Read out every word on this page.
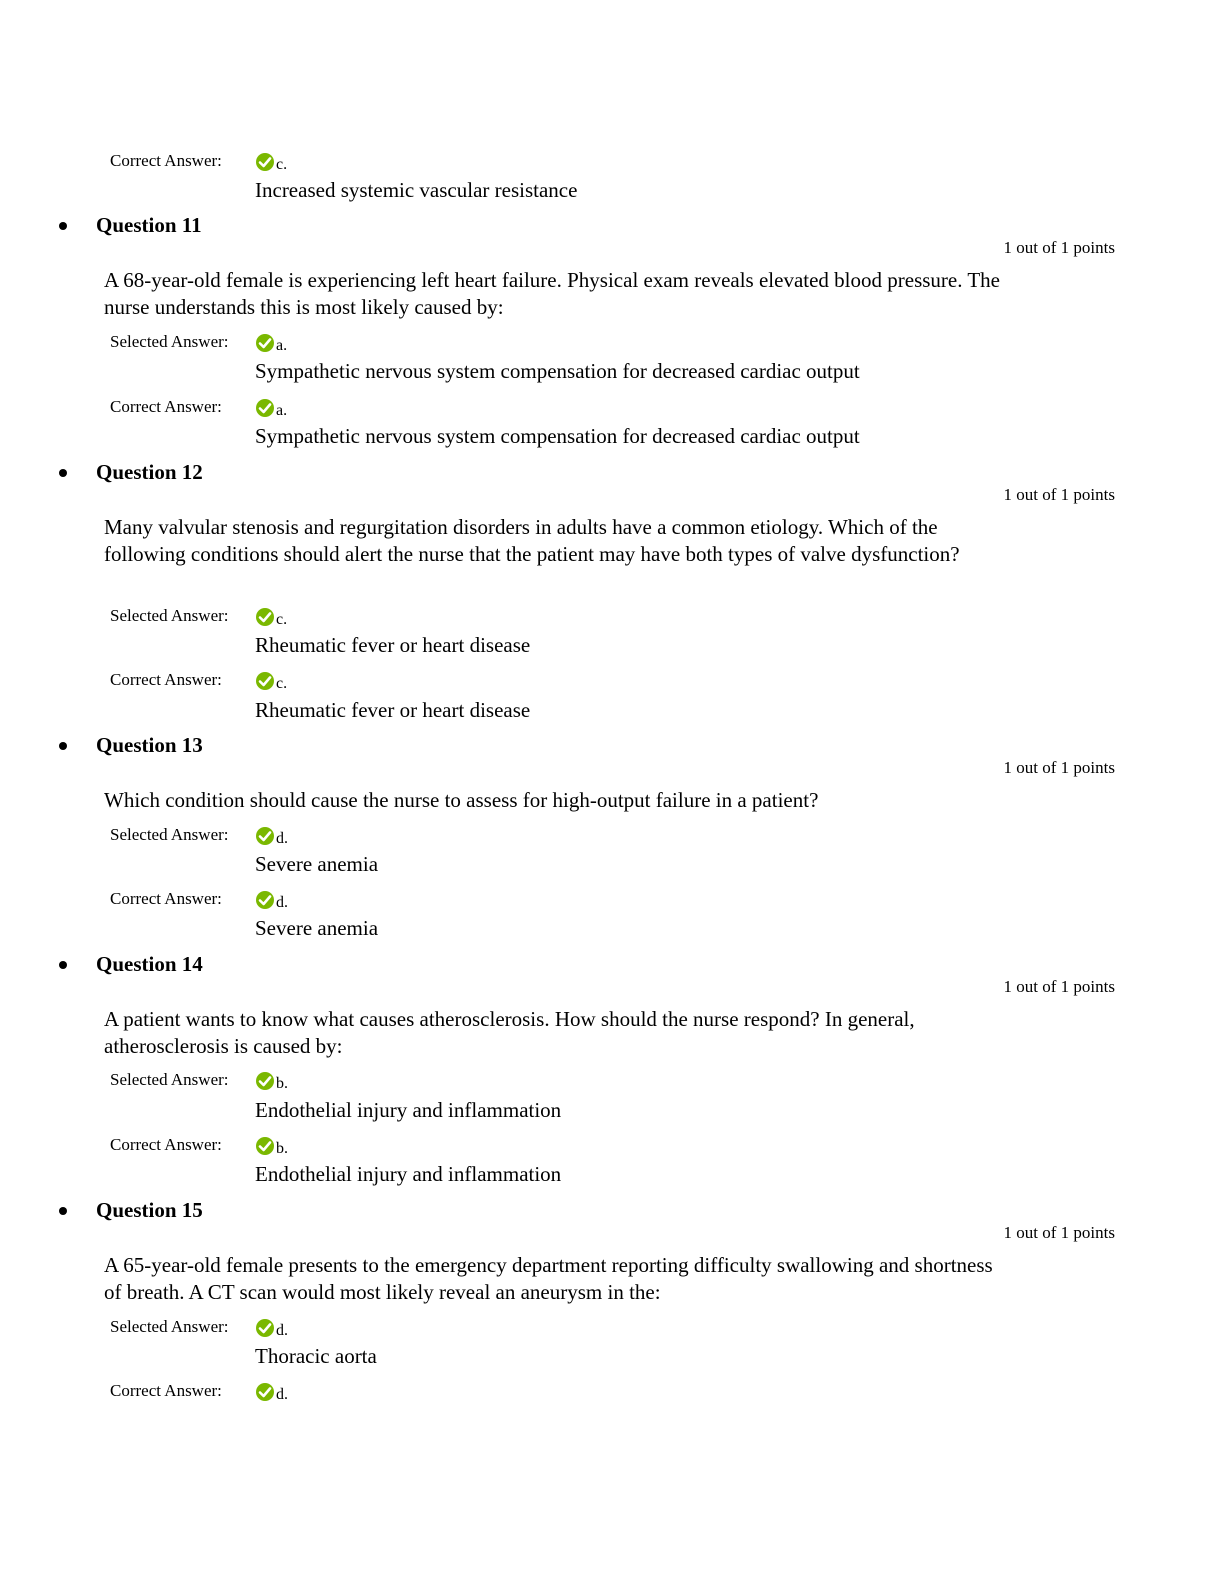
Correct Answer:	c.
Increased systemic vascular resistance
Question 11
1 out of 1 points
A 68-year-old female is experiencing left heart failure. Physical exam reveals elevated blood pressure. The nurse understands this is most likely caused by:
Selected Answer:	a.
Sympathetic nervous system compensation for decreased cardiac output
Correct Answer:	a.
Sympathetic nervous system compensation for decreased cardiac output
Question 12
1 out of 1 points
Many valvular stenosis and regurgitation disorders in adults have a common etiology. Which of the following conditions should alert the nurse that the patient may have both types of valve dysfunction?
Selected Answer:	c.
Rheumatic fever or heart disease
Correct Answer:	c.
Rheumatic fever or heart disease
Question 13
1 out of 1 points
Which condition should cause the nurse to assess for high-output failure in a patient?
Selected Answer:	d.
Severe anemia
Correct Answer:	d.
Severe anemia
Question 14
1 out of 1 points
A patient wants to know what causes atherosclerosis. How should the nurse respond? In general, atherosclerosis is caused by:
Selected Answer:	b.
Endothelial injury and inflammation
Correct Answer:	b.
Endothelial injury and inflammation
Question 15
1 out of 1 points
A 65-year-old female presents to the emergency department reporting difficulty swallowing and shortness of breath. A CT scan would most likely reveal an aneurysm in the:
Selected Answer:	d.
Thoracic aorta
Correct Answer:	d.
